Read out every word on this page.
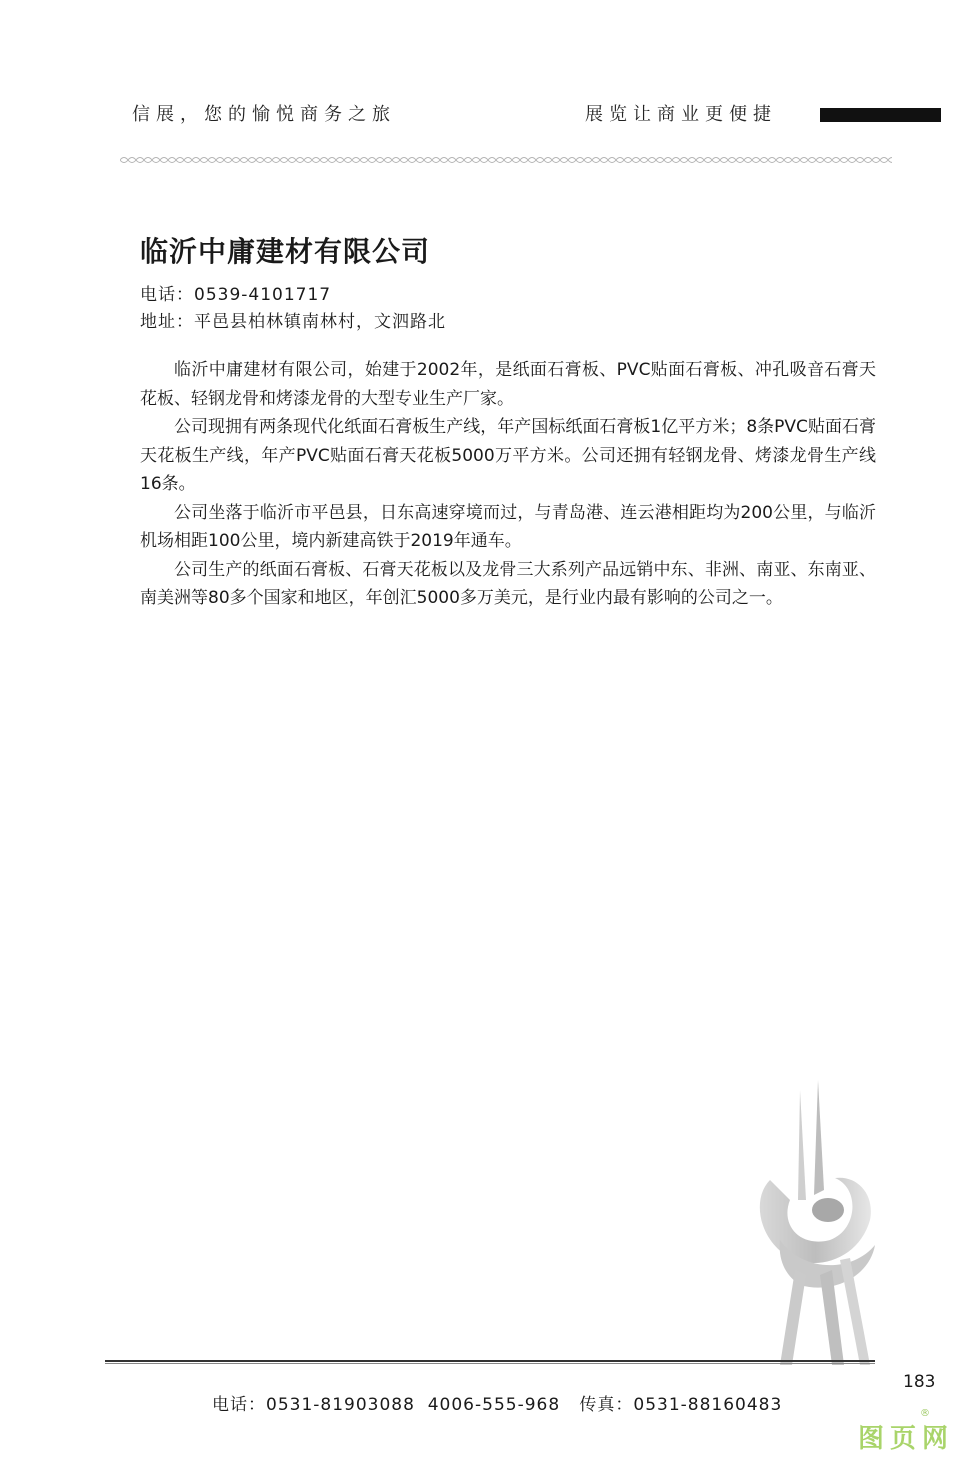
信展，您的愉悦商务之旅	展览让商业更便捷
临沂中庸建材有限公司
电话：0539-4101717
地址：平邑县柏林镇南林村，文泗路北

临沂中庸建材有限公司，始建于2002年，是纸面石膏板、PVC贴面石膏板、冲孔吸音石膏天花板、轻钢龙骨和烤漆龙骨的大型专业生产厂家。

公司现拥有两条现代化纸面石膏板生产线，年产国标纸面石膏板1亿平方米；8条PVC贴面石膏天花板生产线，年产PVC贴面石膏天花板5000万平方米。公司还拥有轻钢龙骨、烤漆龙骨生产线16条。

公司坐落于临沂市平邑县，日东高速穿境而过，与青岛港、连云港相距均为200公里，与临沂机场相距100公里，境内新建高铁于2019年通车。

公司生产的纸面石膏板、石膏天花板以及龙骨三大系列产品远销中东、非洲、南亚、东南亚、南美洲等80多个国家和地区，年创汇5000多万美元，是行业内最有影响的公司之一。

183
电话：0531-81903088  4006-555-968   传真：0531-88160483
图页网
®
